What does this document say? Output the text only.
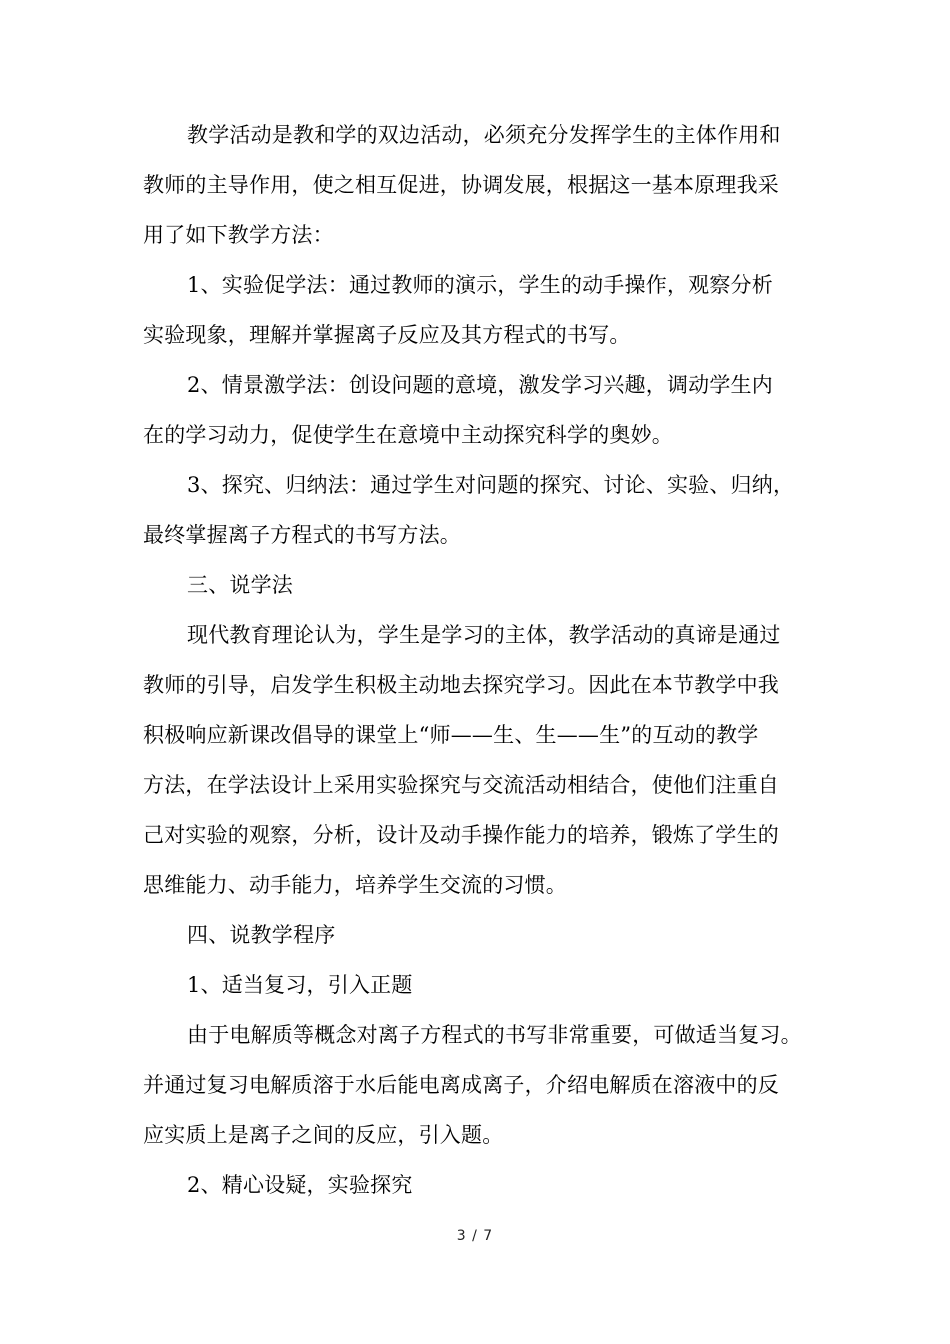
教学活动是教和学的双边活动，必须充分发挥学生的主体作用和
教师的主导作用，使之相互促进，协调发展，根据这一基本原理我采
用了如下教学方法：
1、实验促学法：通过教师的演示，学生的动手操作，观察分析
实验现象，理解并掌握离子反应及其方程式的书写。
2、情景激学法：创设问题的意境，激发学习兴趣，调动学生内
在的学习动力，促使学生在意境中主动探究科学的奥妙。
3、探究、归纳法：通过学生对问题的探究、讨论、实验、归纳，
最终掌握离子方程式的书写方法。
三、说学法
现代教育理论认为，学生是学习的主体，教学活动的真谛是通过
教师的引导，启发学生积极主动地去探究学习。因此在本节教学中我
积极响应新课改倡导的课堂上“师——生、生——生”的互动的教学
方法，在学法设计上采用实验探究与交流活动相结合，使他们注重自
己对实验的观察，分析，设计及动手操作能力的培养，锻炼了学生的
思维能力、动手能力，培养学生交流的习惯。
四、说教学程序
1、适当复习，引入正题
由于电解质等概念对离子方程式的书写非常重要，可做适当复习。
并通过复习电解质溶于水后能电离成离子，介绍电解质在溶液中的反
应实质上是离子之间的反应，引入题。
2、精心设疑，实验探究
3 / 7
